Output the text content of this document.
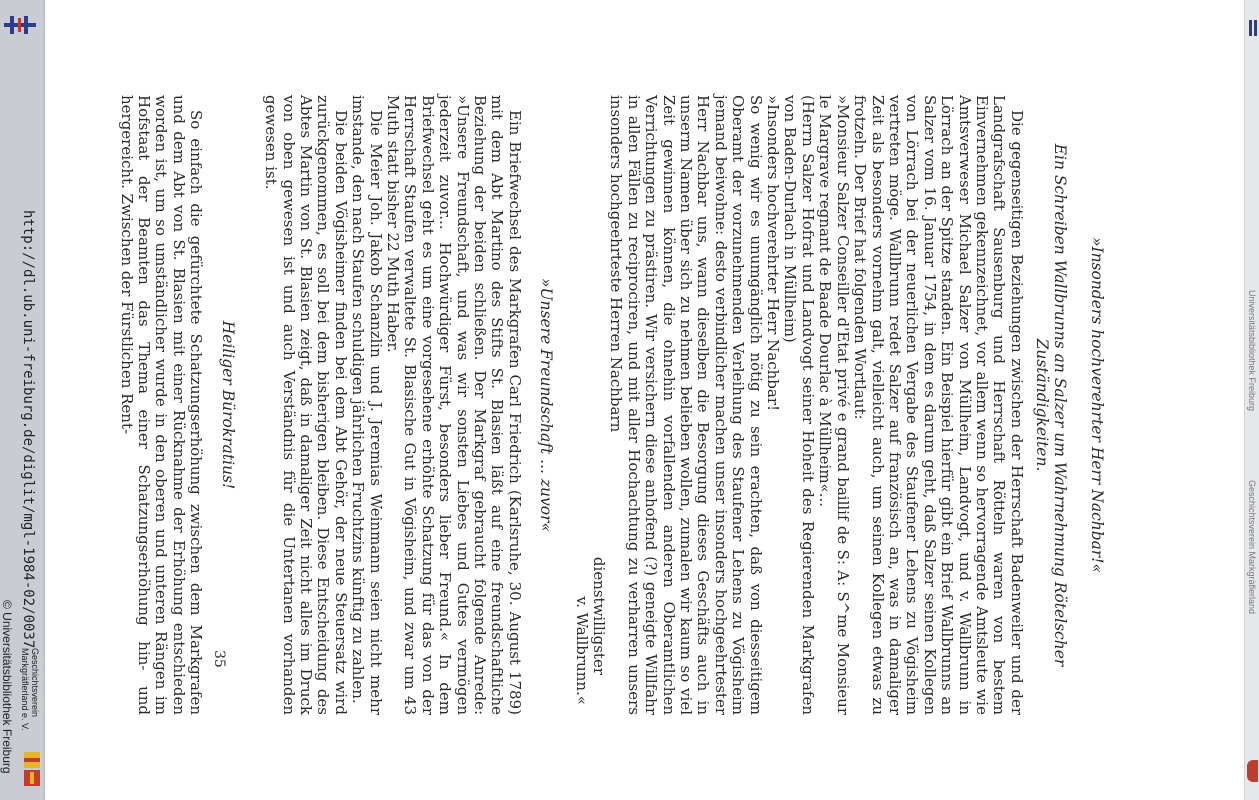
http://dl.ub.uni-freiburg.de/diglit/mgl-1984-02/0037
© Universitätsbibliothek Freiburg Geschichtsverein
Markgräflerland e. V.
Universitätsbibliothek Freiburg
Geschichtsverein Markgräflerland

»Insonders hochverehrter Herr Nachbar!«

Ein Schreiben Wallbrunns an Salzer um Wahrnehmung Rötelscher Zuständigkeiten.

Die gegenseitigen Beziehungen zwischen der Herrschaft Badenweiler und der Landgrafschaft Sausenburg und Herrschaft Rötteln waren von bestem Einvernehmen gekennzeichnet, vor allem wenn so hervorragende Amtsleute wie Amtsverweser Michael Salzer von Müllheim, Landvogt, und v. Wallbrunn in Lörrach an der Spitze standen. Ein Beispiel hierfür gibt ein Brief Wallbrunns an Salzer vom 16. Januar 1754, in dem es darum geht, daß Salzer seinen Kollegen von Lörrach bei der neuerlichen Vergabe des Staufener Lehens zu Vögisheim vertreten möge. Wallbrunn redet Salzer auf französisch an, was in damaliger Zeit als besonders vornehm galt, vielleicht auch, um seinen Kollegen etwas zu frotzeln. Der Brief hat folgenden Wortlaut:

»Monsieur Salzer Conseiller d'Etat privé e grand baillif de S: A: S^me Monsieur le Margrave regnant de Baade Dourlac à Müllheim«...

(Herrn Salzer Hofrat und Landvogt seiner Hoheit des Regierenden Markgrafen von Baden-Durlach in Müllheim)

»Insonders hochverehrter Herr Nachbar!

So wenig wir es unumgänglich nötig zu sein erachten, daß von diesseitigem Oberamt der vorzunehmenden Verleihung des Staufener Lehens zu Vögisheim jemand beiwohne: desto verbindlicher machen unser insonders hochgeehrtester Herr Nachbar uns, wann dieselben die Besorgung dieses Geschäfts auch in unserm Namen über sich zu nehmen belieben wollen, zumalen wir kaum so viel Zeit gewinnen können, die ohnehin vorfallenden anderen Oberamtlichen Verrichtungen zu prästiren. Wir versichern diese anhofend (?) geneigte Willfahr in allen Fällen zu reciprociren, und mit aller Hochachtung zu verharren unsers insonders hochgeehrteste Herren Nachbarn

dienstwilligster

v. Wallbrunn.«

»Unsere Freundschaft ... zuvor«

Ein Briefwechsel des Markgrafen Carl Friedrich (Karlsruhe, 30. August 1789) mit dem Abt Martino des Stifts St. Blasien läßt auf eine freundschaftliche Beziehung der beiden schließen. Der Markgraf gebraucht folgende Anrede: »Unsere Freundschaft, und was wir sonsten Liebes und Gutes vermögen jederzeit zuvor... Hochwürdiger Fürst, besonders lieber Freund.« In dem Briefwechsel geht es um eine vorgesehene erhöhte Schatzung für das von der Herrschaft Staufen verwaltete St. Blasische Gut in Vögisheim, und zwar um 43 Muth statt bisher 22 Muth Haber.

Die Meier Joh. Jakob Schanzlin und J. Jeremias Weinmann seien nicht mehr imstande, den nach Staufen schuldigen jährlichen Fruchtzins künftig zu zahlen.

Die beiden Vögisheimer finden bei dem Abt Gehör, der neue Steuersatz wird zurückgenommen, es soll bei dem bisherigen bleiben. Diese Entscheidung des Abtes Martin von St. Blasien zeigt, daß in damaliger Zeit nicht alles im Druck von oben gewesen ist und auch Verständnis für die Untertanen vorhanden gewesen ist.

Heiliger Bürokratius!

So einfach die gefürchtete Schatzungserhöhung zwischen dem Markgrafen und dem Abt von St. Blasien mit einer Rücknahme der Erhöhung entschieden worden ist, um so umständlicher wurde in den oberen und unteren Rängen im Hofstaat der Beamten das Thema einer Schatzungserhöhung hin- und hergereicht. Zwischen der Fürstlichen Rent-

35
